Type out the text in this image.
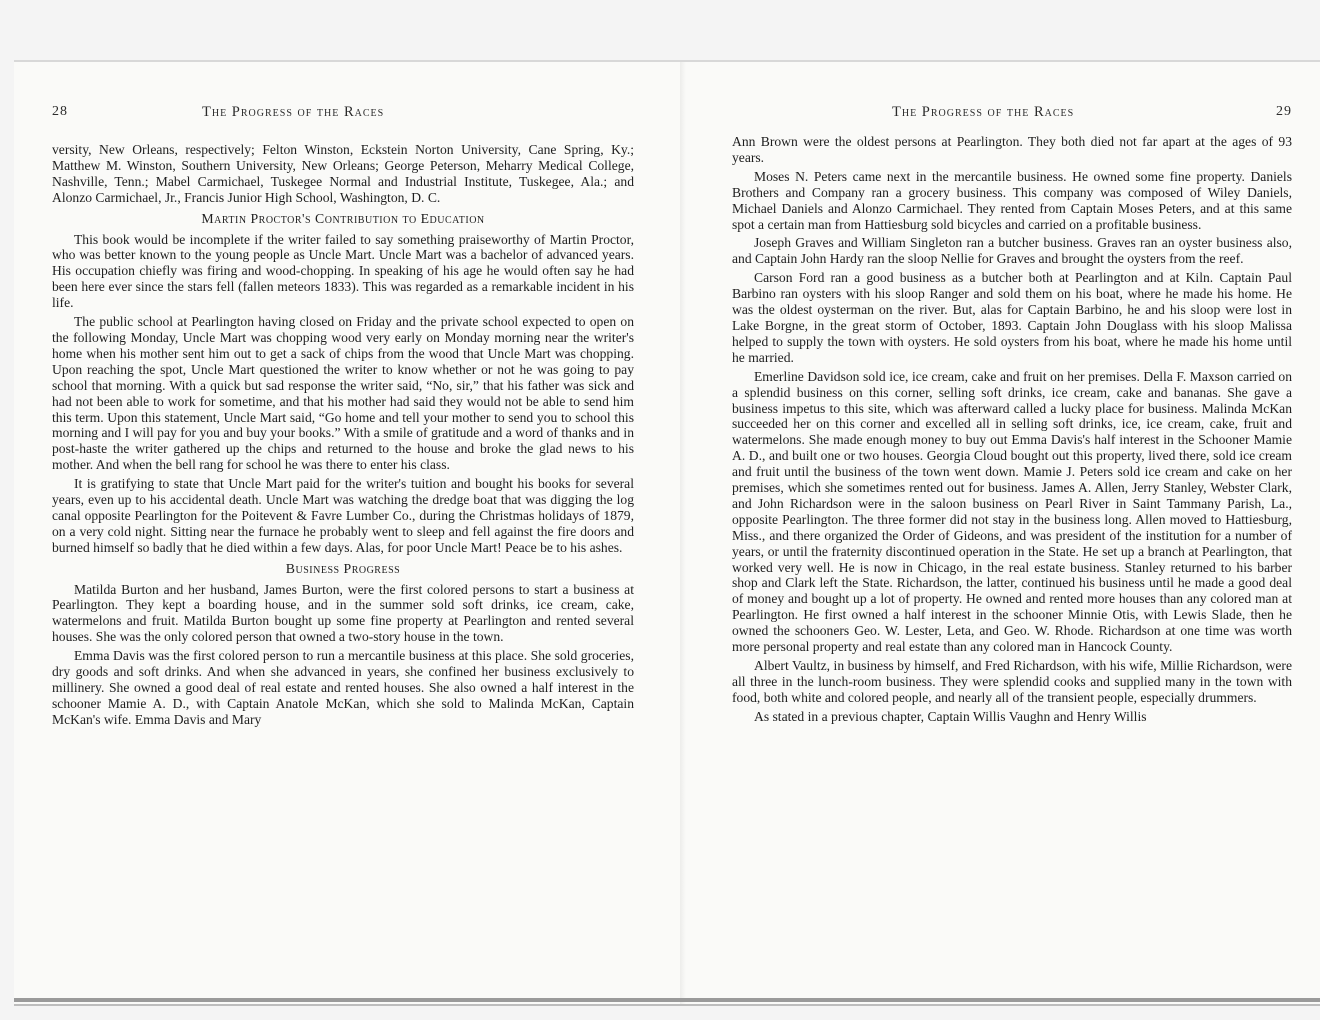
28	The Progress of the Races

versity, New Orleans, respectively; Felton Winston, Eckstein Norton University, Cane Spring, Ky.; Matthew M. Winston, Southern University, New Orleans; George Peterson, Meharry Medical College, Nashville, Tenn.; Mabel Carmichael, Tuskegee Normal and Industrial Institute, Tuskegee, Ala.; and Alonzo Carmichael, Jr., Francis Junior High School, Washington, D. C.

Martin Proctor's Contribution to Education

This book would be incomplete if the writer failed to say something praiseworthy of Martin Proctor, who was better known to the young people as Uncle Mart. Uncle Mart was a bachelor of advanced years. His occupation chiefly was firing and wood-chopping. In speaking of his age he would often say he had been here ever since the stars fell (fallen meteors 1833). This was regarded as a remarkable incident in his life.

The public school at Pearlington having closed on Friday and the private school expected to open on the following Monday, Uncle Mart was chopping wood very early on Monday morning near the writer's home when his mother sent him out to get a sack of chips from the wood that Uncle Mart was chopping. Upon reaching the spot, Uncle Mart questioned the writer to know whether or not he was going to pay school that morning. With a quick but sad response the writer said, “No, sir,” that his father was sick and had not been able to work for sometime, and that his mother had said they would not be able to send him this term. Upon this statement, Uncle Mart said, “Go home and tell your mother to send you to school this morning and I will pay for you and buy your books.” With a smile of gratitude and a word of thanks and in post-haste the writer gathered up the chips and returned to the house and broke the glad news to his mother. And when the bell rang for school he was there to enter his class.

It is gratifying to state that Uncle Mart paid for the writer's tuition and bought his books for several years, even up to his accidental death. Uncle Mart was watching the dredge boat that was digging the log canal opposite Pearlington for the Poitevent & Favre Lumber Co., during the Christmas holidays of 1879, on a very cold night. Sitting near the furnace he probably went to sleep and fell against the fire doors and burned himself so badly that he died within a few days. Alas, for poor Uncle Mart! Peace be to his ashes.

Business Progress

Matilda Burton and her husband, James Burton, were the first colored persons to start a business at Pearlington. They kept a boarding house, and in the summer sold soft drinks, ice cream, cake, watermelons and fruit. Matilda Burton bought up some fine property at Pearlington and rented several houses. She was the only colored person that owned a two-story house in the town.

Emma Davis was the first colored person to run a mercantile business at this place. She sold groceries, dry goods and soft drinks. And when she advanced in years, she confined her business exclusively to millinery. She owned a good deal of real estate and rented houses. She also owned a half interest in the schooner Mamie A. D., with Captain Anatole McKan, which she sold to Malinda McKan, Captain McKan's wife. Emma Davis and Mary

The Progress of the Races	29

Ann Brown were the oldest persons at Pearlington. They both died not far apart at the ages of 93 years.

Moses N. Peters came next in the mercantile business. He owned some fine property. Daniels Brothers and Company ran a grocery business. This company was composed of Wiley Daniels, Michael Daniels and Alonzo Carmichael. They rented from Captain Moses Peters, and at this same spot a certain man from Hattiesburg sold bicycles and carried on a profitable business.

Joseph Graves and William Singleton ran a butcher business. Graves ran an oyster business also, and Captain John Hardy ran the sloop Nellie for Graves and brought the oysters from the reef.

Carson Ford ran a good business as a butcher both at Pearlington and at Kiln. Captain Paul Barbino ran oysters with his sloop Ranger and sold them on his boat, where he made his home. He was the oldest oysterman on the river. But, alas for Captain Barbino, he and his sloop were lost in Lake Borgne, in the great storm of October, 1893. Captain John Douglass with his sloop Malissa helped to supply the town with oysters. He sold oysters from his boat, where he made his home until he married.

Emerline Davidson sold ice, ice cream, cake and fruit on her premises. Della F. Maxson carried on a splendid business on this corner, selling soft drinks, ice cream, cake and bananas. She gave a business impetus to this site, which was afterward called a lucky place for business. Malinda McKan succeeded her on this corner and excelled all in selling soft drinks, ice, ice cream, cake, fruit and watermelons. She made enough money to buy out Emma Davis's half interest in the Schooner Mamie A. D., and built one or two houses. Georgia Cloud bought out this property, lived there, sold ice cream and fruit until the business of the town went down. Mamie J. Peters sold ice cream and cake on her premises, which she sometimes rented out for business. James A. Allen, Jerry Stanley, Webster Clark, and John Richardson were in the saloon business on Pearl River in Saint Tammany Parish, La., opposite Pearlington. The three former did not stay in the business long. Allen moved to Hattiesburg, Miss., and there organized the Order of Gideons, and was president of the institution for a number of years, or until the fraternity discontinued operation in the State. He set up a branch at Pearlington, that worked very well. He is now in Chicago, in the real estate business. Stanley returned to his barber shop and Clark left the State. Richardson, the latter, continued his business until he made a good deal of money and bought up a lot of property. He owned and rented more houses than any colored man at Pearlington. He first owned a half interest in the schooner Minnie Otis, with Lewis Slade, then he owned the schooners Geo. W. Lester, Leta, and Geo. W. Rhode. Richardson at one time was worth more personal property and real estate than any colored man in Hancock County.

Albert Vaultz, in business by himself, and Fred Richardson, with his wife, Millie Richardson, were all three in the lunch-room business. They were splendid cooks and supplied many in the town with food, both white and colored people, and nearly all of the transient people, especially drummers.

As stated in a previous chapter, Captain Willis Vaughn and Henry Willis
